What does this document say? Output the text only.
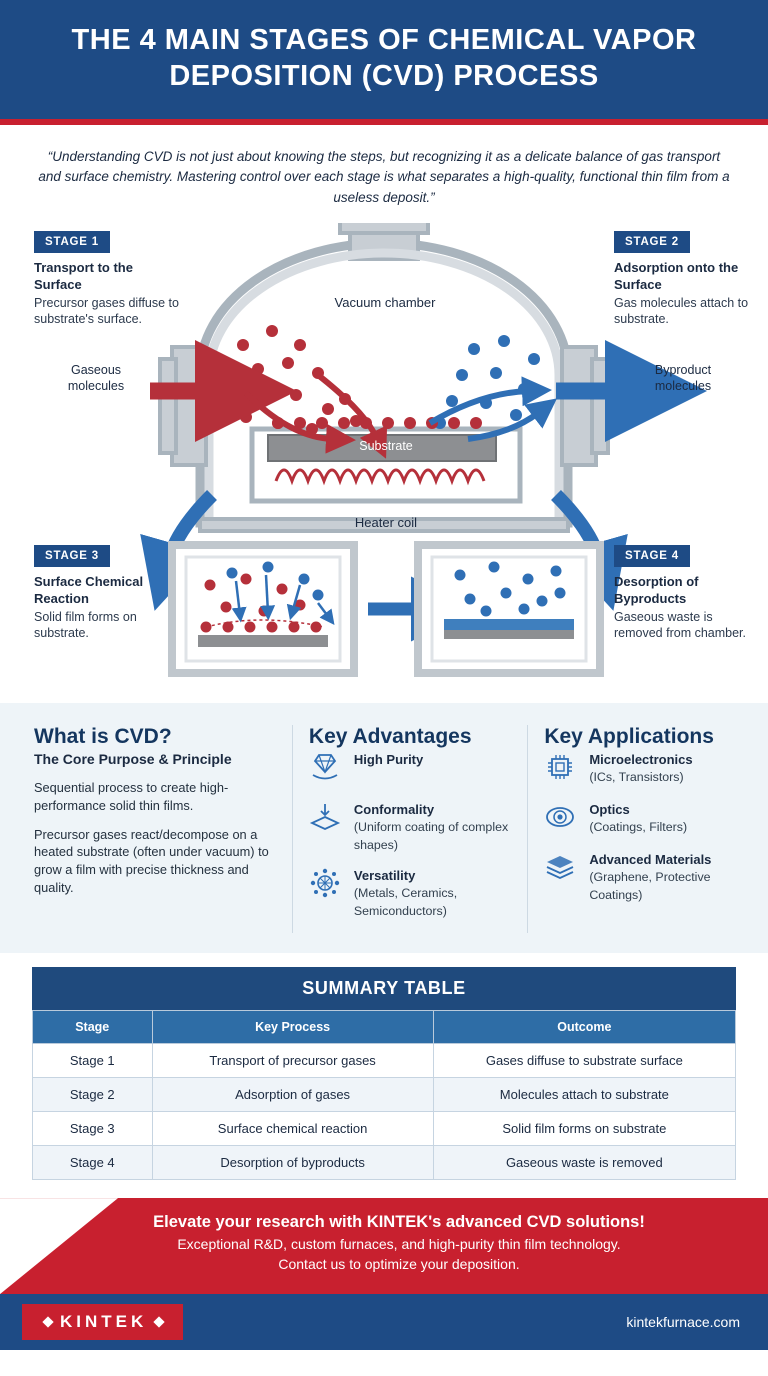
THE 4 MAIN STAGES OF CHEMICAL VAPOR DEPOSITION (CVD) PROCESS
“Understanding CVD is not just about knowing the steps, but recognizing it as a delicate balance of gas transport and surface chemistry. Mastering control over each stage is what separates a high-quality, functional thin film from a useless deposit.”
STAGE 1
Transport to the Surface
Precursor gases diffuse to substrate's surface.
STAGE 2
Adsorption onto the Surface
Gas molecules attach to substrate.
STAGE 3
Surface Chemical Reaction
Solid film forms on substrate.
STAGE 4
Desorption of Byproducts
Gaseous waste is removed from chamber.
Gaseous molecules
Byproduct molecules
Vacuum chamber
Heater coil
Substrate
What is CVD?
The Core Purpose & Principle

Sequential process to create high-performance solid thin films.

Precursor gases react/decompose on a heated substrate (often under vacuum) to grow a film with precise thickness and quality.

Key Advantages
High Purity
Conformality
(Uniform coating of complex shapes)
Versatility
(Metals, Ceramics, Semiconductors)
Key Applications
Microelectronics
(ICs, Transistors)
Optics
(Coatings, Filters)
Advanced Materials
(Graphene, Protective Coatings)
SUMMARY TABLE
Stage	Key Process	Outcome
Stage 1	Transport of precursor gases	Gases diffuse to substrate surface
Stage 2	Adsorption of gases	Molecules attach to substrate
Stage 3	Surface chemical reaction	Solid film forms on substrate
Stage 4	Desorption of byproducts	Gaseous waste is removed
Elevate your research with KINTEK's advanced CVD solutions!
Exceptional R&D, custom furnaces, and high-purity thin film technology.
Contact us to optimize your deposition.
KINTEK	kintekfurnace.com
